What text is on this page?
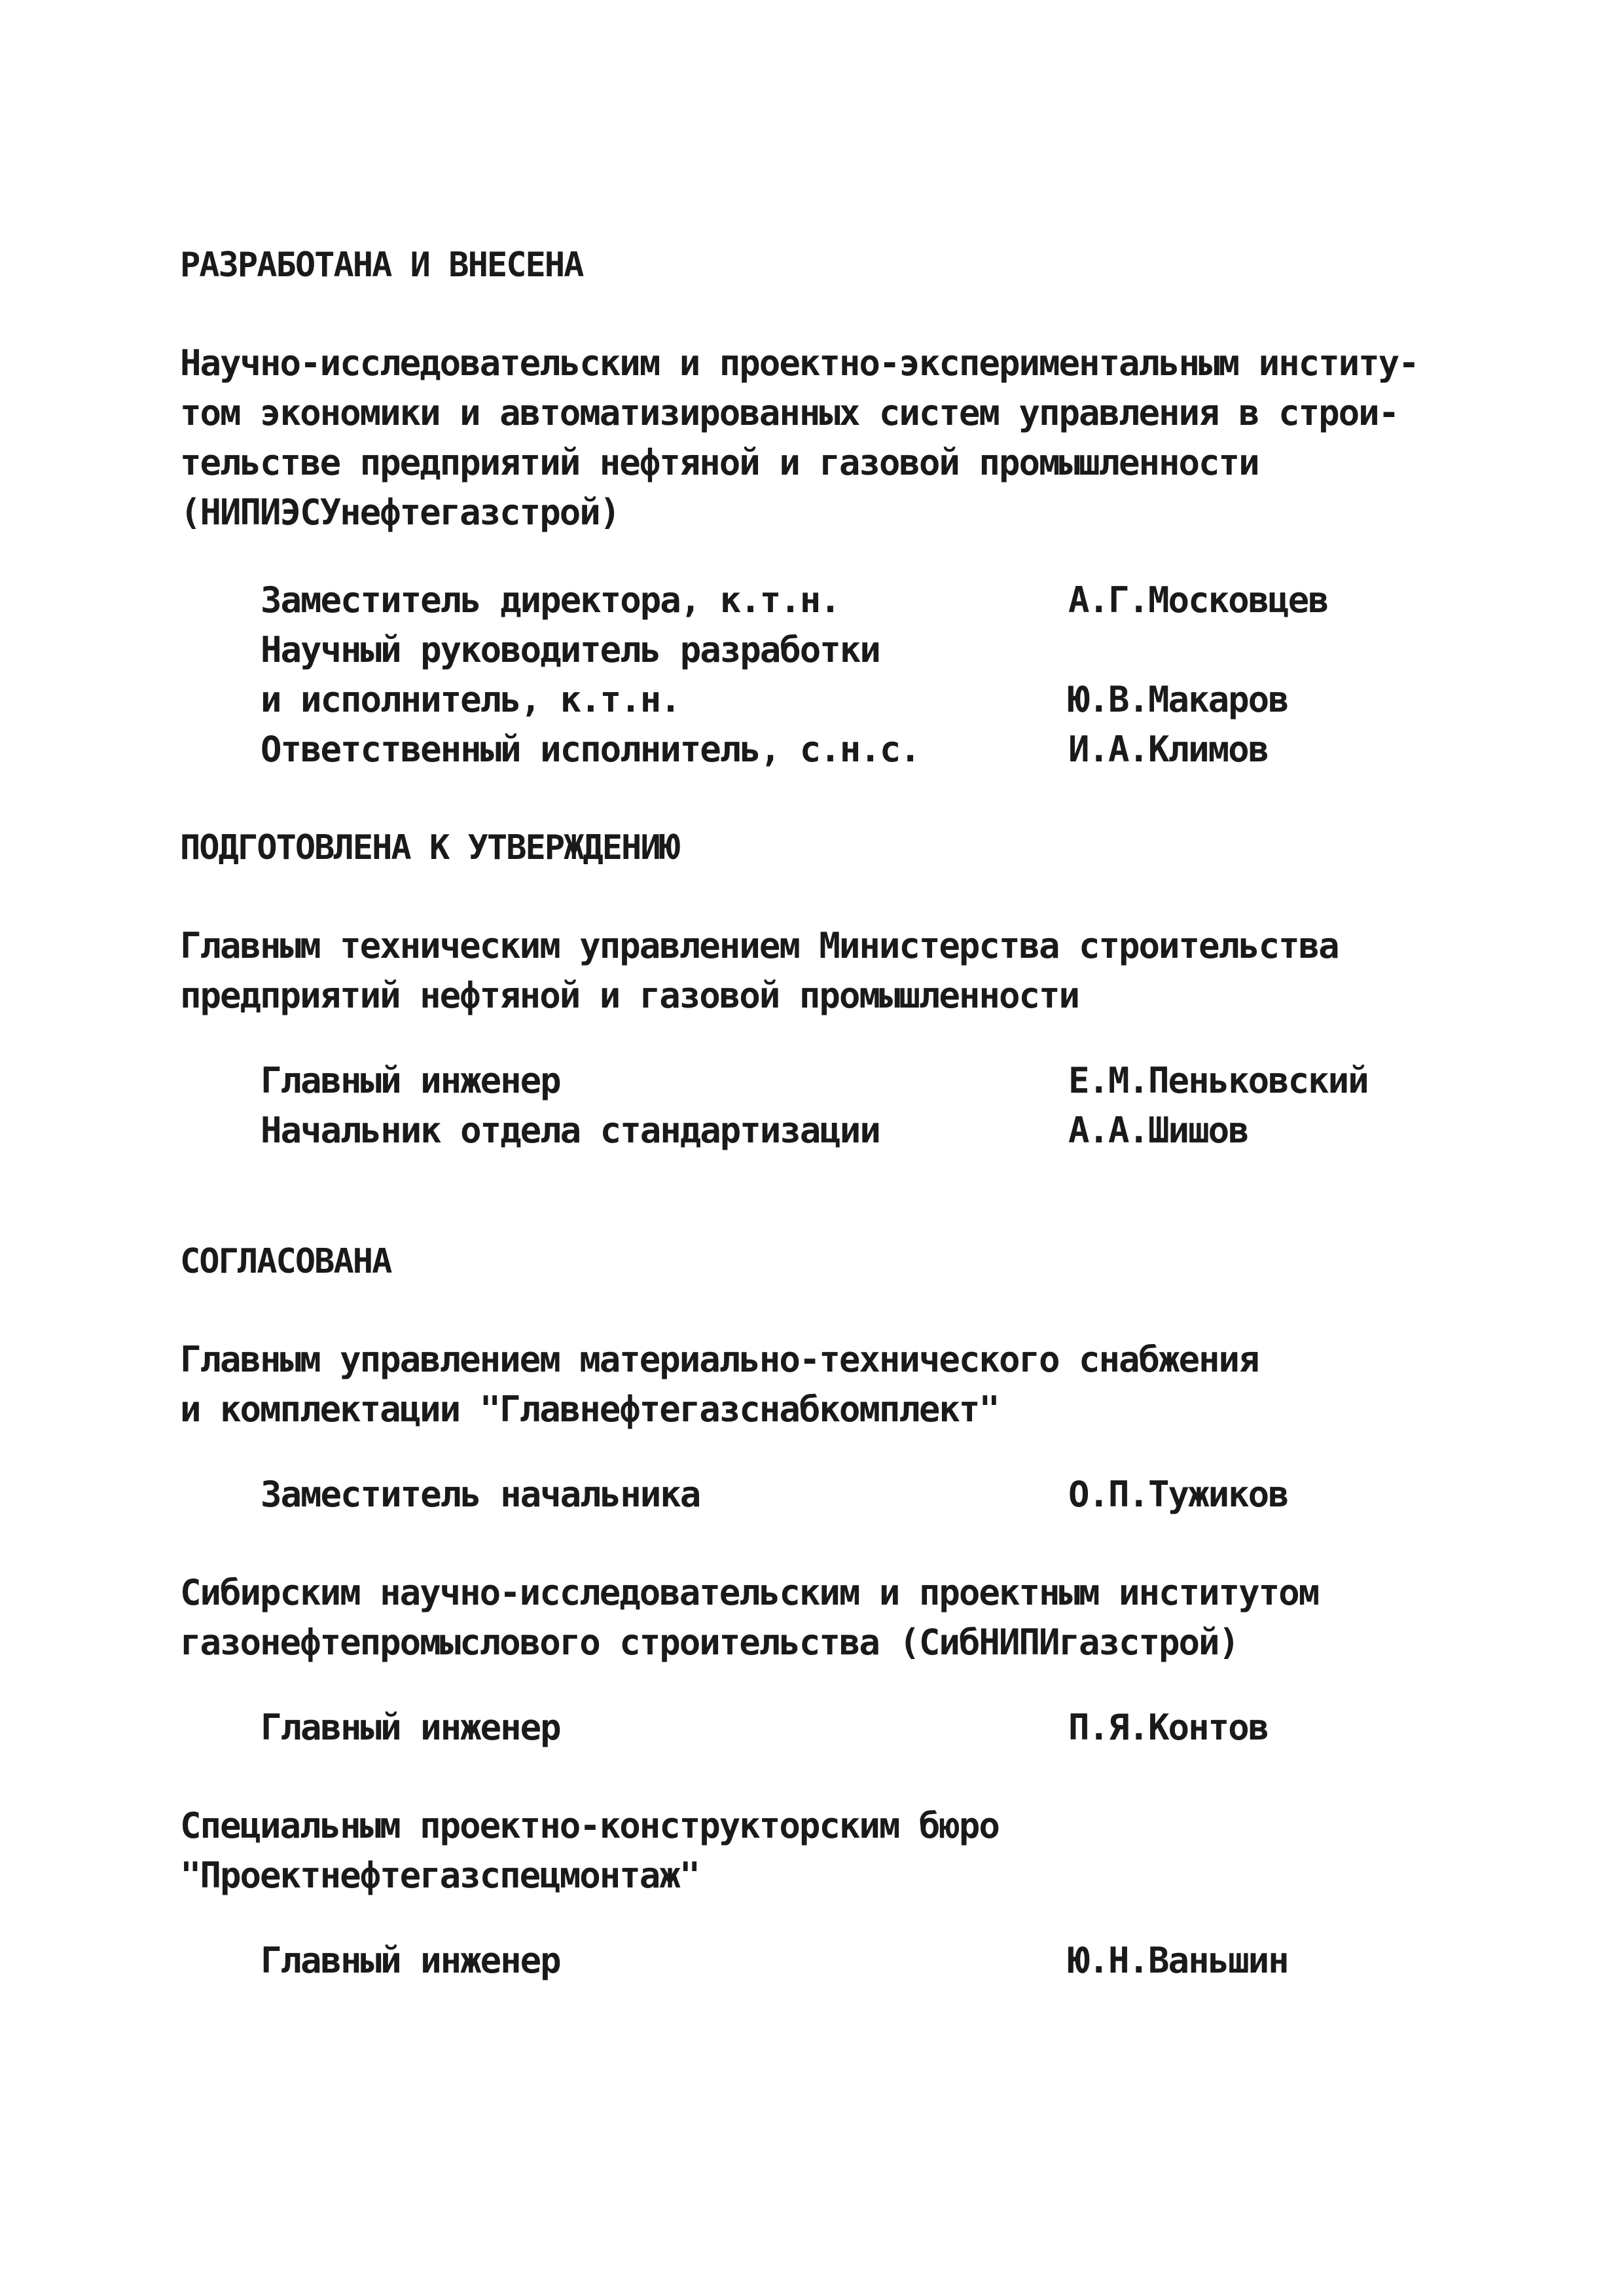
РАЗРАБОТАНА И ВНЕСЕНА
Научно-исследовательским и проектно-экспериментальным институ-
том экономики и автоматизированных систем управления в строи-
тельстве предприятий нефтяной и газовой промышленности
(НИПИЭСУнефтегазстрой)
Заместитель директора, к.т.н.	А.Г.Московцев
Научный руководитель разработки
и исполнитель, к.т.н.	Ю.В.Макаров
Ответственный исполнитель, с.н.с.	И.А.Климов
ПОДГОТОВЛЕНА К УТВЕРЖДЕНИЮ
Главным техническим управлением Министерства строительства
предприятий нефтяной и газовой промышленности
Главный инженер	Е.М.Пеньковский
Начальник отдела стандартизации	А.А.Шишов
СОГЛАСОВАНА
Главным управлением материально-технического снабжения
и комплектации "Главнефтегазснабкомплект"
Заместитель начальника	О.П.Тужиков
Сибирским научно-исследовательским и проектным институтом
газонефтепромыслового строительства (СибНИПИгазстрой)
Главный инженер	П.Я.Контов
Специальным проектно-конструкторским бюро
"Проектнефтегазспецмонтаж"
Главный инженер	Ю.Н.Ваньшин
